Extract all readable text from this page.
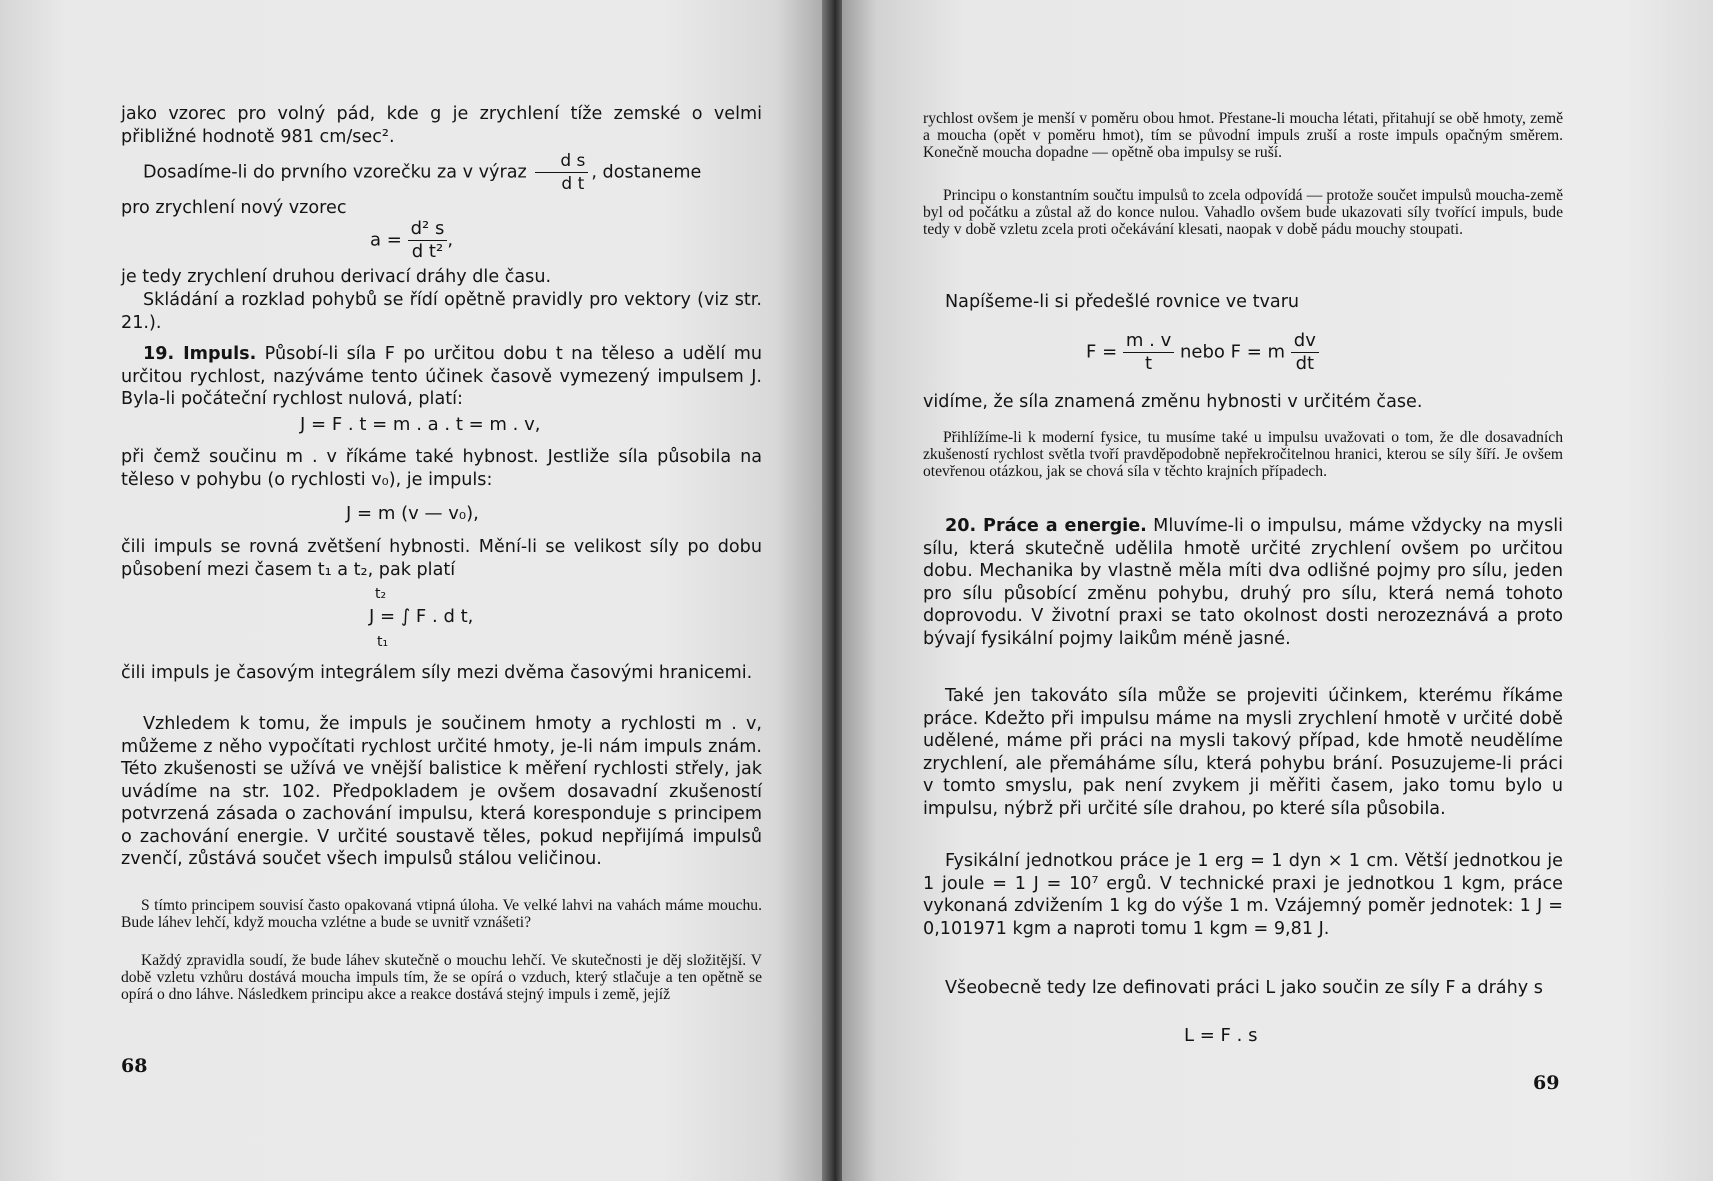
jako vzorec pro volný pád, kde g je zrychlení tíže zemské o velmi přibližné hodnotě 981 cm/sec².

Dosadíme-li do prvního vzorečku za v výraz $\frac{\text{d s}}{\text{d t}}$ , dostaneme

pro zrychlení nový vzorec

$a = \frac{\text{d² s}}{\text{d t²}}$ ,

je tedy zrychlení druhou derivací dráhy dle času.

Skládání a rozklad pohybů se řídí opětně pravidly pro vektory (viz str. 21.).

19. Impuls. Působí-li síla F po určitou dobu t na těleso a udělí mu určitou rychlost, nazýváme tento účinek časově vymezený impulsem J. Byla-li počáteční rychlost nulová, platí:

J = F . t = m . a . t = m . v,

při čemž součinu m . v říkáme také hybnost. Jestliže síla působila na těleso v pohybu (o rychlosti v₀), je impuls:

J = m (v — v₀),

čili impuls se rovná zvětšení hybnosti. Mění-li se velikost síly po dobu působení mezi časem t₁ a t₂, pak platí

t₂
J = ∫ F . d t,
t₁

čili impuls je časovým integrálem síly mezi dvěma časovými hranicemi.

Vzhledem k tomu, že impuls je součinem hmoty a rychlosti m . v, můžeme z něho vypočítati rychlost určité hmoty, je-li nám impuls znám. Této zkušenosti se užívá ve vnější balistice k měření rychlosti střely, jak uvádíme na str. 102. Předpokladem je ovšem dosavadní zkušeností potvrzená zásada o zachování impulsu, která koresponduje s principem o zachování energie. V určité soustavě těles, pokud nepřijímá impulsů zvenčí, zůstává součet všech impulsů stálou veličinou.

S tímto principem souvisí často opakovaná vtipná úloha. Ve velké lahvi na vahách máme mouchu. Bude láhev lehčí, když moucha vzlétne a bude se uvnitř vznášeti?

Každý zpravidla soudí, že bude láhev skutečně o mouchu lehčí. Ve skutečnosti je děj složitější. V době vzletu vzhůru dostává moucha impuls tím, že se opírá o vzduch, který stlačuje a ten opětně se opírá o dno láhve. Následkem principu akce a reakce dostává stejný impuls i země, jejíž

68

rychlost ovšem je menší v poměru obou hmot. Přestane-li moucha létati, přitahují se obě hmoty, země a moucha (opět v poměru hmot), tím se původní impuls zruší a roste impuls opačným směrem. Konečně moucha dopadne — opětně oba impulsy se ruší.

Principu o konstantním součtu impulsů to zcela odpovídá — protože součet impulsů moucha-země byl od počátku a zůstal až do konce nulou. Vahadlo ovšem bude ukazovati síly tvořící impuls, bude tedy v době vzletu zcela proti očekávání klesati, naopak v době pádu mouchy stoupati.

Napíšeme-li si předešlé rovnice ve tvaru

$F = \frac{m . v}{t}$ nebo F = m $\frac{dv}{dt}$

vidíme, že síla znamená změnu hybnosti v určitém čase.

Přihlížíme-li k moderní fysice, tu musíme také u impulsu uvažovati o tom, že dle dosavadních zkušeností rychlost světla tvoří pravděpodobně nepřekročitelnou hranici, kterou se síly šíří. Je ovšem otevřenou otázkou, jak se chová síla v těchto krajních případech.

20. Práce a energie. Mluvíme-li o impulsu, máme vždycky na mysli sílu, která skutečně udělila hmotě určité zrychlení ovšem po určitou dobu. Mechanika by vlastně měla míti dva odlišné pojmy pro sílu, jeden pro sílu působící změnu pohybu, druhý pro sílu, která nemá tohoto doprovodu. V životní praxi se tato okolnost dosti nerozeznává a proto bývají fysikální pojmy laikům méně jasné.

Také jen takováto síla může se projeviti účinkem, kterému říkáme práce. Kdežto při impulsu máme na mysli zrychlení hmotě v určité době udělené, máme při práci na mysli takový případ, kde hmotě neudělíme zrychlení, ale přemáháme sílu, která pohybu brání. Posuzujeme-li práci v tomto smyslu, pak není zvykem ji měřiti časem, jako tomu bylo u impulsu, nýbrž při určité síle drahou, po které síla působila.

Fysikální jednotkou práce je 1 erg = 1 dyn × 1 cm. Větší jednotkou je 1 joule = 1 J = 10⁷ ergů. V technické praxi je jednotkou 1 kgm, práce vykonaná zdvižením 1 kg do výše 1 m. Vzájemný poměr jednotek: 1 J = 0,101971 kgm a naproti tomu 1 kgm = 9,81 J.

Všeobecně tedy lze definovati práci L jako součin ze síly F a dráhy s

L = F . s
69
